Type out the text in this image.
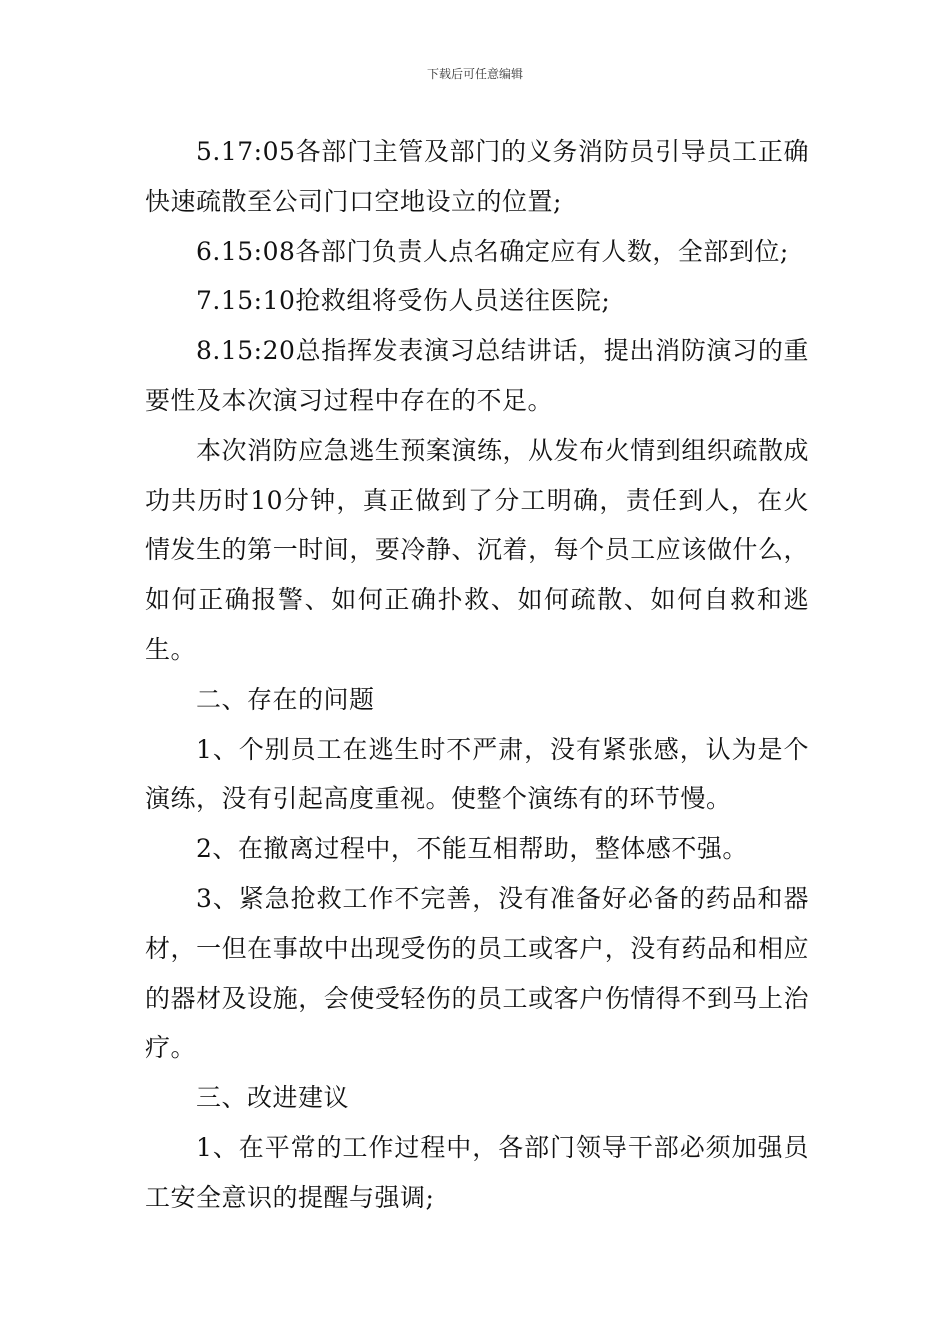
下载后可任意编辑

5.17:05各部门主管及部门的义务消防员引导员工正确快速疏散至公司门口空地设立的位置;

6.15:08各部门负责人点名确定应有人数，全部到位;

7.15:10抢救组将受伤人员送往医院;

8.15:20总指挥发表演习总结讲话，提出消防演习的重要性及本次演习过程中存在的不足。

本次消防应急逃生预案演练，从发布火情到组织疏散成功共历时10分钟，真正做到了分工明确，责任到人，在火情发生的第一时间，要冷静、沉着，每个员工应该做什么，如何正确报警、如何正确扑救、如何疏散、如何自救和逃生。

二、存在的问题

1、个别员工在逃生时不严肃，没有紧张感，认为是个演练，没有引起高度重视。使整个演练有的环节慢。

2、在撤离过程中，不能互相帮助，整体感不强。

3、紧急抢救工作不完善，没有准备好必备的药品和器材，一但在事故中出现受伤的员工或客户，没有药品和相应的器材及设施，会使受轻伤的员工或客户伤情得不到马上治疗。

三、改进建议

1、在平常的工作过程中，各部门领导干部必须加强员工安全意识的提醒与强调;
